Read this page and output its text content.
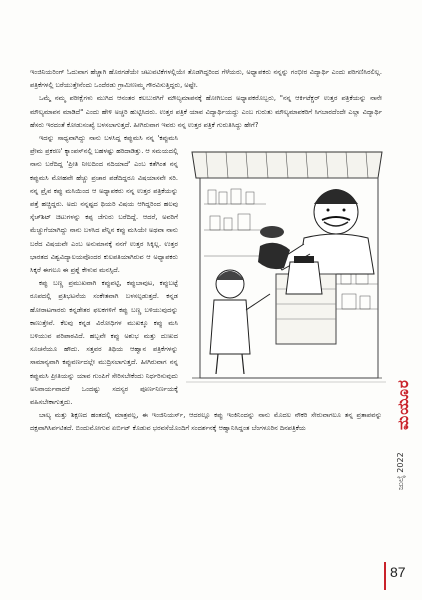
ಇಂಜಿನಿಯರಿಂಗ್ ಓದುವಾಗ ಹೆಚ್ಚಾಗಿ ಹೊರಗಡೆಯೇ ಚಟುವಟಿಕೆಗಳಲ್ಲಿಯೇ ತೊಡಗಿದ್ದರಿಂದ ಗೆಳೆಯರು, ಅಧ್ಯಾಪಕರು ನನ್ನನ್ನು ಗಂಭೀರ ವಿದ್ಯಾರ್ಥಿ ಎಂದು ಪರಿಗಣಿಸಿರಲಿಲ್ಲ. ಪತ್ರಿಕೆಗಳಲ್ಲಿ ಬರೆಯುತ್ತೇನೆಂದು ಒಂದೆರಡು ಗ್ರಾಮೀಣಮ್ಮ ಗೌರವಿಸುತ್ತಿದ್ದರು, ಅಷ್ಟೇ.

ಒಮ್ಮೆ ನಮ್ಮ ಪರೀಕ್ಷೆಗಳು ಮುಗಿದ ಆನಂತರ ಕಲಬುರಗಿಗೆ ಮೌಲ್ಯಮಾಪನಕ್ಕೆ ಹೋಗಿಬಂದ ಅಧ್ಯಾಪಕರೊಬ್ಬರು, "ನನ್ನ ಆರ್ಕಿಟೆಕ್ಚರ್ ಉತ್ತರ ಪತ್ರಿಕೆಯನ್ನು ನಾನೇ ಮೌಲ್ಯಮಾಪನ ಮಾಡಿದೆ" ಎಂದು ಹೇಳಿ ಅಚ್ಚರಿ ಹುಟ್ಟಿಸಿದರು. ಉತ್ತರ ಪತ್ರಿಕೆ ಯಾವ ವಿದ್ಯಾರ್ಥಿಯದ್ದು ಎಂಬ ಗುರುತು ಮೌಲ್ಯಮಾಪಕರಿಗೆ ಸಿಗಬಾರದೆಂದೇ ಎಲ್ಲಾ ವಿದ್ಯಾರ್ಥಿ ಹೆಸರು ಇರದಂತೆ ಕೋಡುಸಂಖ್ಯೆ ಬಳಸಲಾಗುತ್ತದೆ. ಹೀಗಿರುವಾಗ ಇವರು ನನ್ನ ಉತ್ತರ ಪತ್ರಿಕೆ ಗುರುತಿಸಿದ್ದು ಹೇಗೆ?

ಇದನ್ನು ಸಾಧ್ಯವಾಗಿದ್ದು ನಾನು ಬಳಸಿದ್ದ ಕಪ್ಪುಮಸಿ ನನ್ನ 'ಕಪ್ಪುಮಸಿ ಪ್ರೇಮ ಪ್ರಕರಣ' ಕ್ಯಾಂಪಸ್‌ನಲ್ಲಿ ಬಹಳಷ್ಟು ಹರಿದಾಡಿತ್ತು. ಆ ಸಮಯದಲ್ಲಿ ನಾನು ಬರೆದಿದ್ದ 'ಪ್ರೀತಿ ನೀಲದಿಂದ ನದಿಯಾದೆ' ಎಂಬ ಕತೆಗಿಂತ ನನ್ನ ಕಪ್ಪುಮಸಿ ಮೋಹವೇ ಹೆಚ್ಚು ಪ್ರಚಾರ ಪಡೆದಿದ್ದರೂ ವಿಷಯಾಸವೇ ಸರಿ. ನನ್ನ ಪ್ರೈವ ಕಪ್ಪು ಮಸಿಯಿಂದ ಆ ಅಧ್ಯಾಪಕರು ನನ್ನ ಉತ್ತರ ಪತ್ರಿಕೆಯನ್ನು ಪತ್ತೆ ಹಚ್ಚಿದ್ದರು. ಅದು ನನ್ನಷ್ಟದ ಥಿಯರಿ ವಿಷಯ ಆಗಿದ್ದರಿಂದ ಹಲವು ಸ್ಕೆಚ್‌ಶಿಟ್ ಚಿಟುಗಳನ್ನು ಕಪ್ಪ ಜೆಗುರು ಬರೆದಿದ್ದೆ. ಆದರೆ, ಅವರಿಗೆ ಮೆಚ್ಚುಗೆಯಾಗಿದ್ದು ನಾನು ಬಳಸಿದ ಪೆನ್ನಿನ ಕಪ್ಪು ಮಸಿಯೇ ಅಥವಾ ನಾನು ಬರೆದ ವಿಷಯವೇ ಎಂಬ ಅನುಮಾನಕ್ಕೆ ನನಗೆ ಉತ್ತರ ಸಿಕ್ಕಿಲ್ಲ. ಉತ್ತರ ಭಾರತದ ವಿಶ್ವವಿದ್ಯಾಲಯವೊಂದರ ಕುಲಪತಿಯಾಗಿರುವ ಆ ಅಧ್ಯಾಪಕರು ಸಿಕ್ಕರೆ ಈಗಲೂ ಈ ಪ್ರಶ್ನೆ ಕೇಳುವ ಮನಸ್ಸಿದೆ.

ಕಪ್ಪು ಬಣ್ಣ ಪ್ರಮುಖವಾಗಿ ಕಪ್ಪುಪಟ್ಟಿ, ಕಪ್ಪುಬಾವುಟ, ಕಪ್ಪುಬಟ್ಟೆ ರೂಪದಲ್ಲಿ ಪ್ರತಿಭಟನೆಯ ಸಂಕೇತವಾಗಿ ಬಳಸಲ್ಪಡುತ್ತದೆ. ಕನ್ನಡ ಹೋರಾಟಗಾರರು ಕನ್ನಡೇತರ ಫಲಕಗಳಿಗೆ ಕಪ್ಪು ಬಣ್ಣ ಬಳಿಯುವುದನ್ನು ಕಾಣುತ್ತೇವೆ. ಕೆಲವು ಕನ್ನಡ ವಿರೋಧಿಗಳ ಮುಖಕ್ಕೂ ಕಪ್ಪು ಮಸಿ ಬಳಿಯುವ ಪರಿಪಾಠವಿದೆ. ಹಬ್ಬವೇ ಕಪ್ಪು ಅಶುಭ ಮತ್ತು ದುಃಖದ ಸೂಚನೆಯೂ ಹೌದು. ಸತ್ತವರ ತಿಥಿಯ ಆಹ್ವಾನ ಪತ್ರಿಕೆಗಳನ್ನು ಸಾಮಾನ್ಯವಾಗಿ ಕಪ್ಪುವರ್ಣದಲ್ಲೇ ಮುದ್ರಿಸಲಾಗುತ್ತದೆ. ಹೀಗಿರುವಾಗ ನನ್ನ ಕಪ್ಪುಮಸಿ ಪ್ರೀತಿಯನ್ನು ಯಾವ ಗುಂಪಿಗೆ ಸೇರಿಸಬೇಕೆಂದು ನಿರ್ಧರಿಸುವುದು ಅನಿವಾರ್ಯವಾದರೆ ಒಂದಷ್ಟು ಸದಸ್ಯರ ಪೂರ್ಣನಿರ್ಣಯಕ್ಕೆ ವಹಿಸಬೇಕಾಗುತ್ತದು.

ಬಾಲ್ಯ ಮತ್ತು ಶಿಕ್ಷಣದ ಹಂತದಲ್ಲಿ ಮಾತ್ರವಲ್ಲ, ಈ ಇಂಜಿನಿಯರ್ಸ್, ಆದರಲ್ಲೂ ಕಪ್ಪು ಇಂಕಿನಿಂದನ್ನು ನಾನು ಮೊದಲ ನೌಕರಿ ಸೇರುವಾಗಲೂ ತನ್ನ ಪ್ರತಾಪವನ್ನು ದಕ್ಷವಾಗಿಸಿರ್ಪಟಿತದೆ. ಬಿಂದುಮೋಗುವ ಏರ್ಬಿಟ್ ಕೊಡುವ ಭರವಸೆಯೊಂದಿಗೆ ಸಂದರ್ಶನಕ್ಕೆ ಆಹ್ವಾನಿಸಿದ್ದಂತ ಬೆಂಗಳೂರಿನ ದಿನಪತ್ರಿಕೆಯ	ಮಯೂರ
ಜುಲೈ 2022
87
